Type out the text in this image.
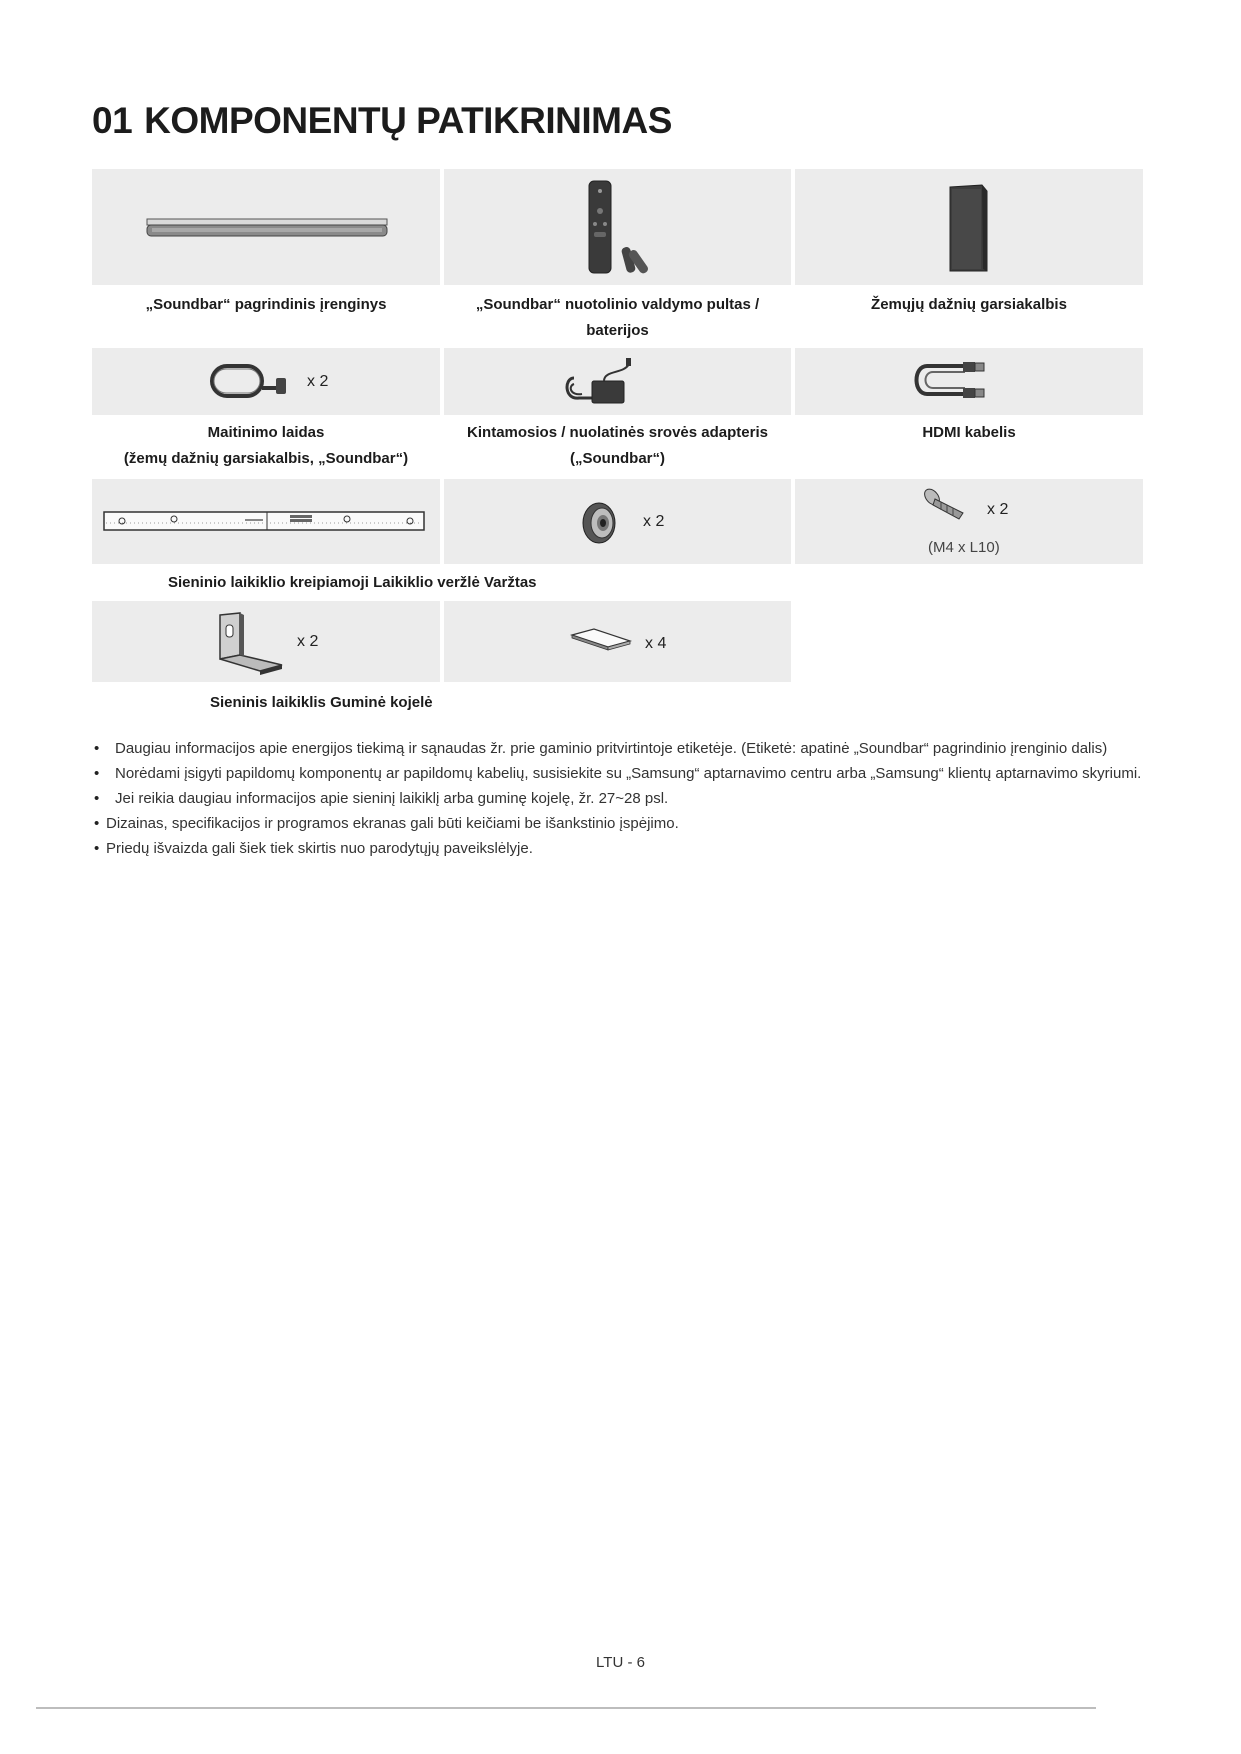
01 KOMPONENTŲ PATIKRINIMAS
„Soundbar“ pagrindinis įrenginys	„Soundbar“ nuotolinio valdymo pultas /
baterijos
Žemųjų dažnių garsiakalbis
x 2
Maitinimo laidas
(žemų dažnių garsiakalbis, „Soundbar“)
Kintamosios / nuolatinės srovės adapteris
(„Soundbar“)
HDMI kabelis
x 2
x 2
(M4 x L10)
Sieninio laikiklio kreipiamoji Laikiklio veržlė Varžtas
x 2	x 4
Sieninis laikiklis Guminė kojelė
• Daugiau informacijos apie energijos tiekimą ir sąnaudas žr. prie gaminio pritvirtintoje etiketėje. (Etiketė: apatinė „Soundbar“ pagrindinio įrenginio dalis)
• Norėdami įsigyti papildomų komponentų ar papildomų kabelių, susisiekite su „Samsung“ aptarnavimo centru arba „Samsung“ klientų aptarnavimo skyriumi.
• Jei reikia daugiau informacijos apie sieninį laikiklį arba guminę kojelę, žr. 27~28 psl.
• Dizainas, specifikacijos ir programos ekranas gali būti keičiami be išankstinio įspėjimo.
• Priedų išvaizda gali šiek tiek skirtis nuo parodytųjų paveikslėlyje.
LTU - 6
